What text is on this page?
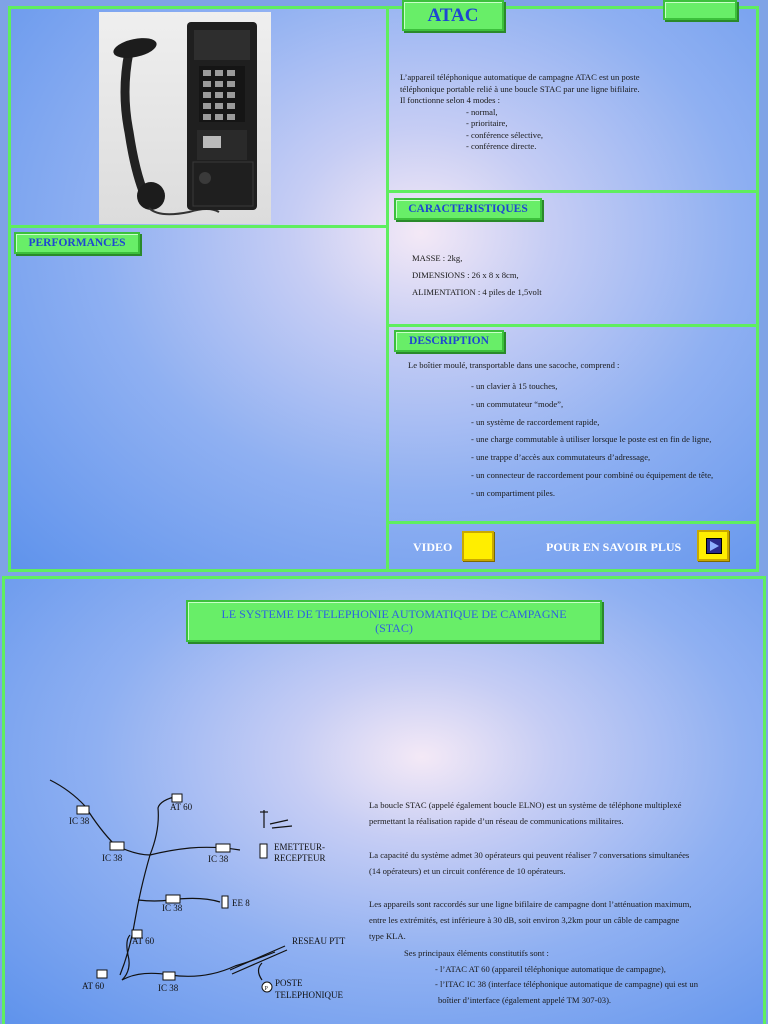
ATAC
L’appareil téléphonique automatique de campagne ATAC est un poste
téléphonique portable relié à une boucle STAC par une ligne bifilaire.
Il fonctionne selon 4 modes :
- normal,
- prioritaire,
- conférence sélective,
- conférence directe.
PERFORMANCES
CARACTERISTIQUES
MASSE : 2kg,
DIMENSIONS : 26 x 8 x 8cm,
ALIMENTATION : 4 piles de 1,5volt
DESCRIPTION
Le boîtier moulé, transportable dans une sacoche, comprend :
- un clavier à 15 touches,
- un commutateur “mode”,
- un système de raccordement rapide,
- une charge commutable à utiliser lorsque le poste est en fin de ligne,
- une trappe d’accès aux commutateurs d’adressage,
- un connecteur de raccordement pour combiné ou équipement de tête,
- un compartiment piles.
VIDEO	POUR EN SAVOIR PLUS
LE SYSTEME DE TELEPHONIE AUTOMATIQUE DE CAMPAGNE
(STAC)
IC 38
AT 60
IC 38	IC 38
EMETTEUR-
RECEPTEUR
IC 38	EE 8
AT 60	RESEAU PTT
AT 60	IC 38	POSTE
TELEPHONIQUE
P
La boucle STAC (appelé également boucle ELNO) est un système de téléphone multiplexé
permettant la réalisation rapide d’un réseau de communications militaires.
La capacité du système admet 30 opérateurs qui peuvent réaliser 7 conversations simultanées
(14 opérateurs) et un circuit conférence de 10 opérateurs.
Les appareils sont raccordés sur une ligne bifilaire de campagne dont l’atténuation maximum,
entre les extrémités, est inférieure à 30 dB, soit environ 3,2km pour un câble de campagne
type KLA.
Ses principaux éléments constitutifs sont :
- l’ATAC AT 60 (appareil téléphonique automatique de campagne),
- l’ITAC IC 38 (interface téléphonique automatique de campagne) qui est un
boîtier d’interface (également appelé TM 307-03).
